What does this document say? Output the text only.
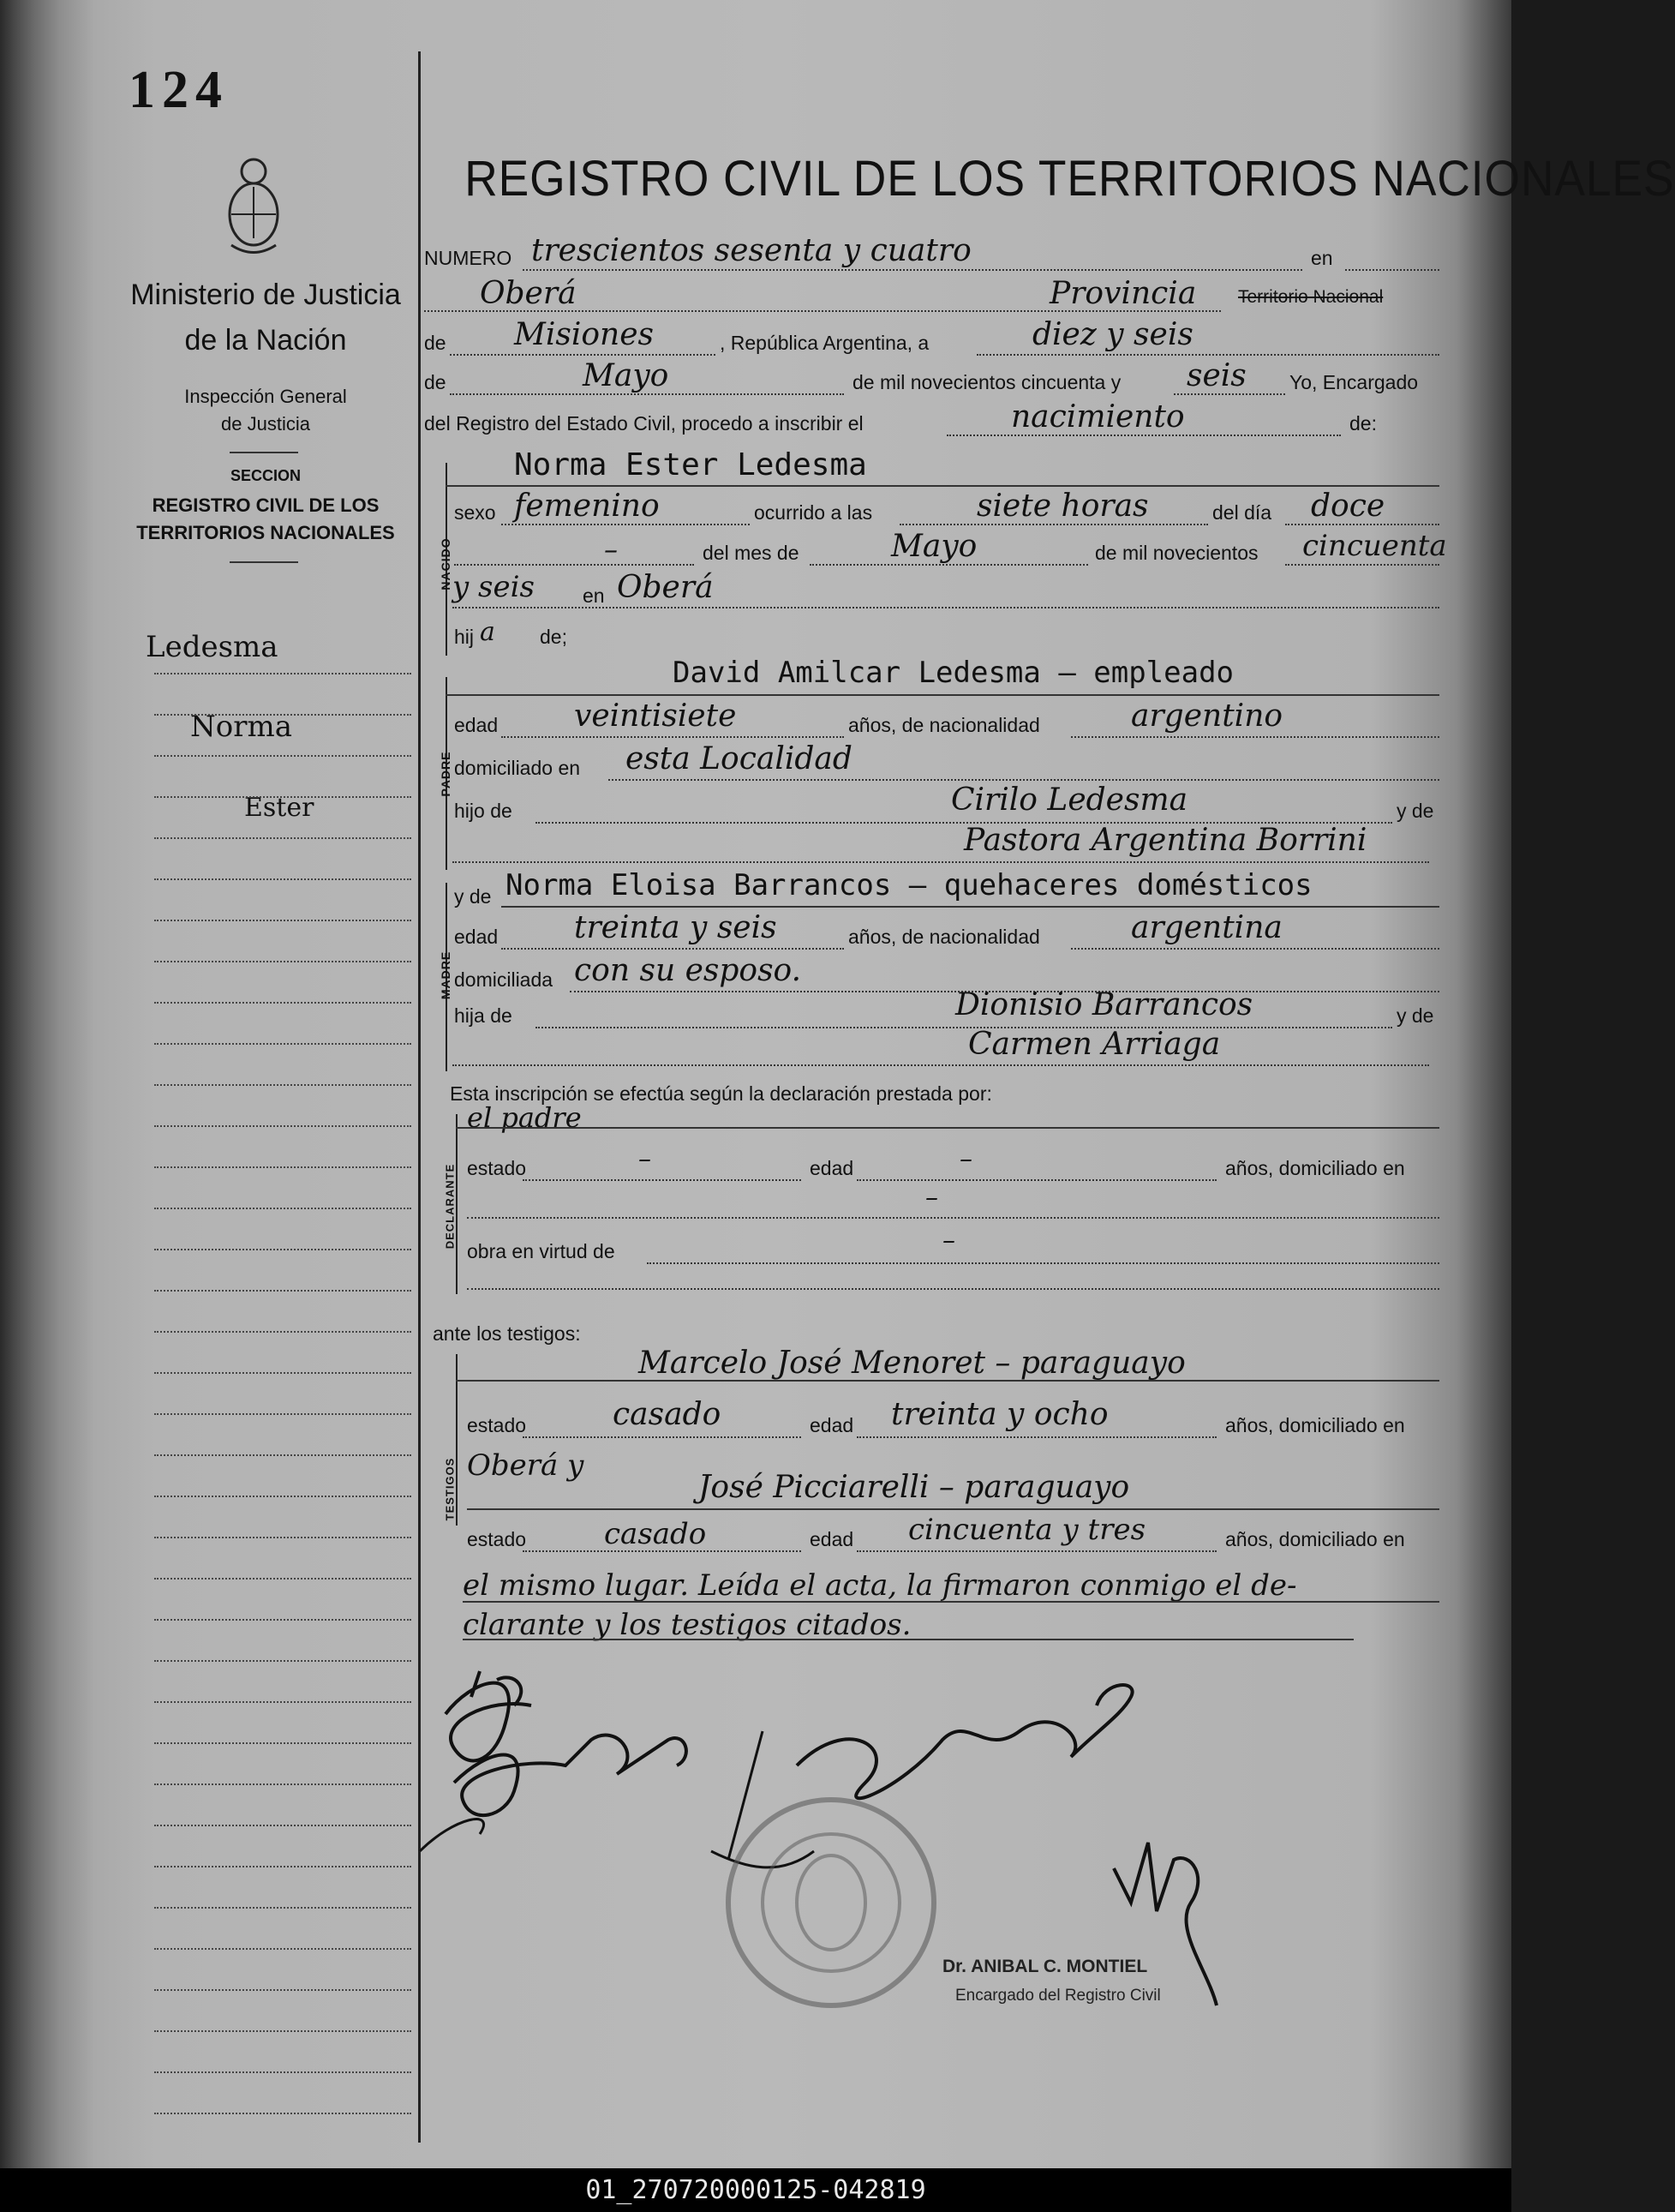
124
Ministerio de Justicia
de la Nación
Inspección General
de Justicia
SECCION
REGISTRO CIVIL DE LOS
TERRITORIOS NACIONALES
Ledesma
Norma
Ester
REGISTRO CIVIL DE LOS TERRITORIOS NACIONALES
NUMERO trescientos sesenta y cuatro	en
Oberá	Provincia Territorio Nacional
de Misiones	, República Argentina, a	diez y seis
de	Mayo	de mil novecientos cincuenta y seis Yo, Encargado
del Registro del Estado Civil, procedo a inscribir el	nacimiento	de:
NACIDO
Norma Ester Ledesma
sexo femenino	ocurrido a las	siete horas	del día doce
–	del mes de	Mayo	de mil novecientos cincuenta
y seis en Oberá
hij a de;
PADRE
David Amilcar Ledesma – empleado
edad veintisiete	años, de nacionalidad	argentino
domiciliado en esta Localidad
hijo de	Cirilo Ledesma	y de
Pastora Argentina Borrini
MADRE
y de Norma Eloisa Barrancos – quehaceres domésticos
edad treinta y seis	años, de nacionalidad	argentina
domiciliada con su esposo.
hija de	Dionisio Barrancos	y de
Carmen Arriaga
Esta inscripción se efectúa según la declaración prestada por:
DECLARANTE
el padre
estado	–	edad	–	años, domiciliado en
–
obra en virtud de	–
ante los testigos:
TESTIGOS
Marcelo José Menoret – paraguayo
estado	casado	edad treinta y ocho	años, domiciliado en
Oberá y
José Picciarelli – paraguayo
estado	casado	edad cincuenta y tres	años, domiciliado en
el mismo lugar. Leída el acta, la firmaron conmigo el de-
clarante y los testigos citados.
Dr. ANIBAL C. MONTIEL
Encargado del Registro Civil
01_270720000125-042819
